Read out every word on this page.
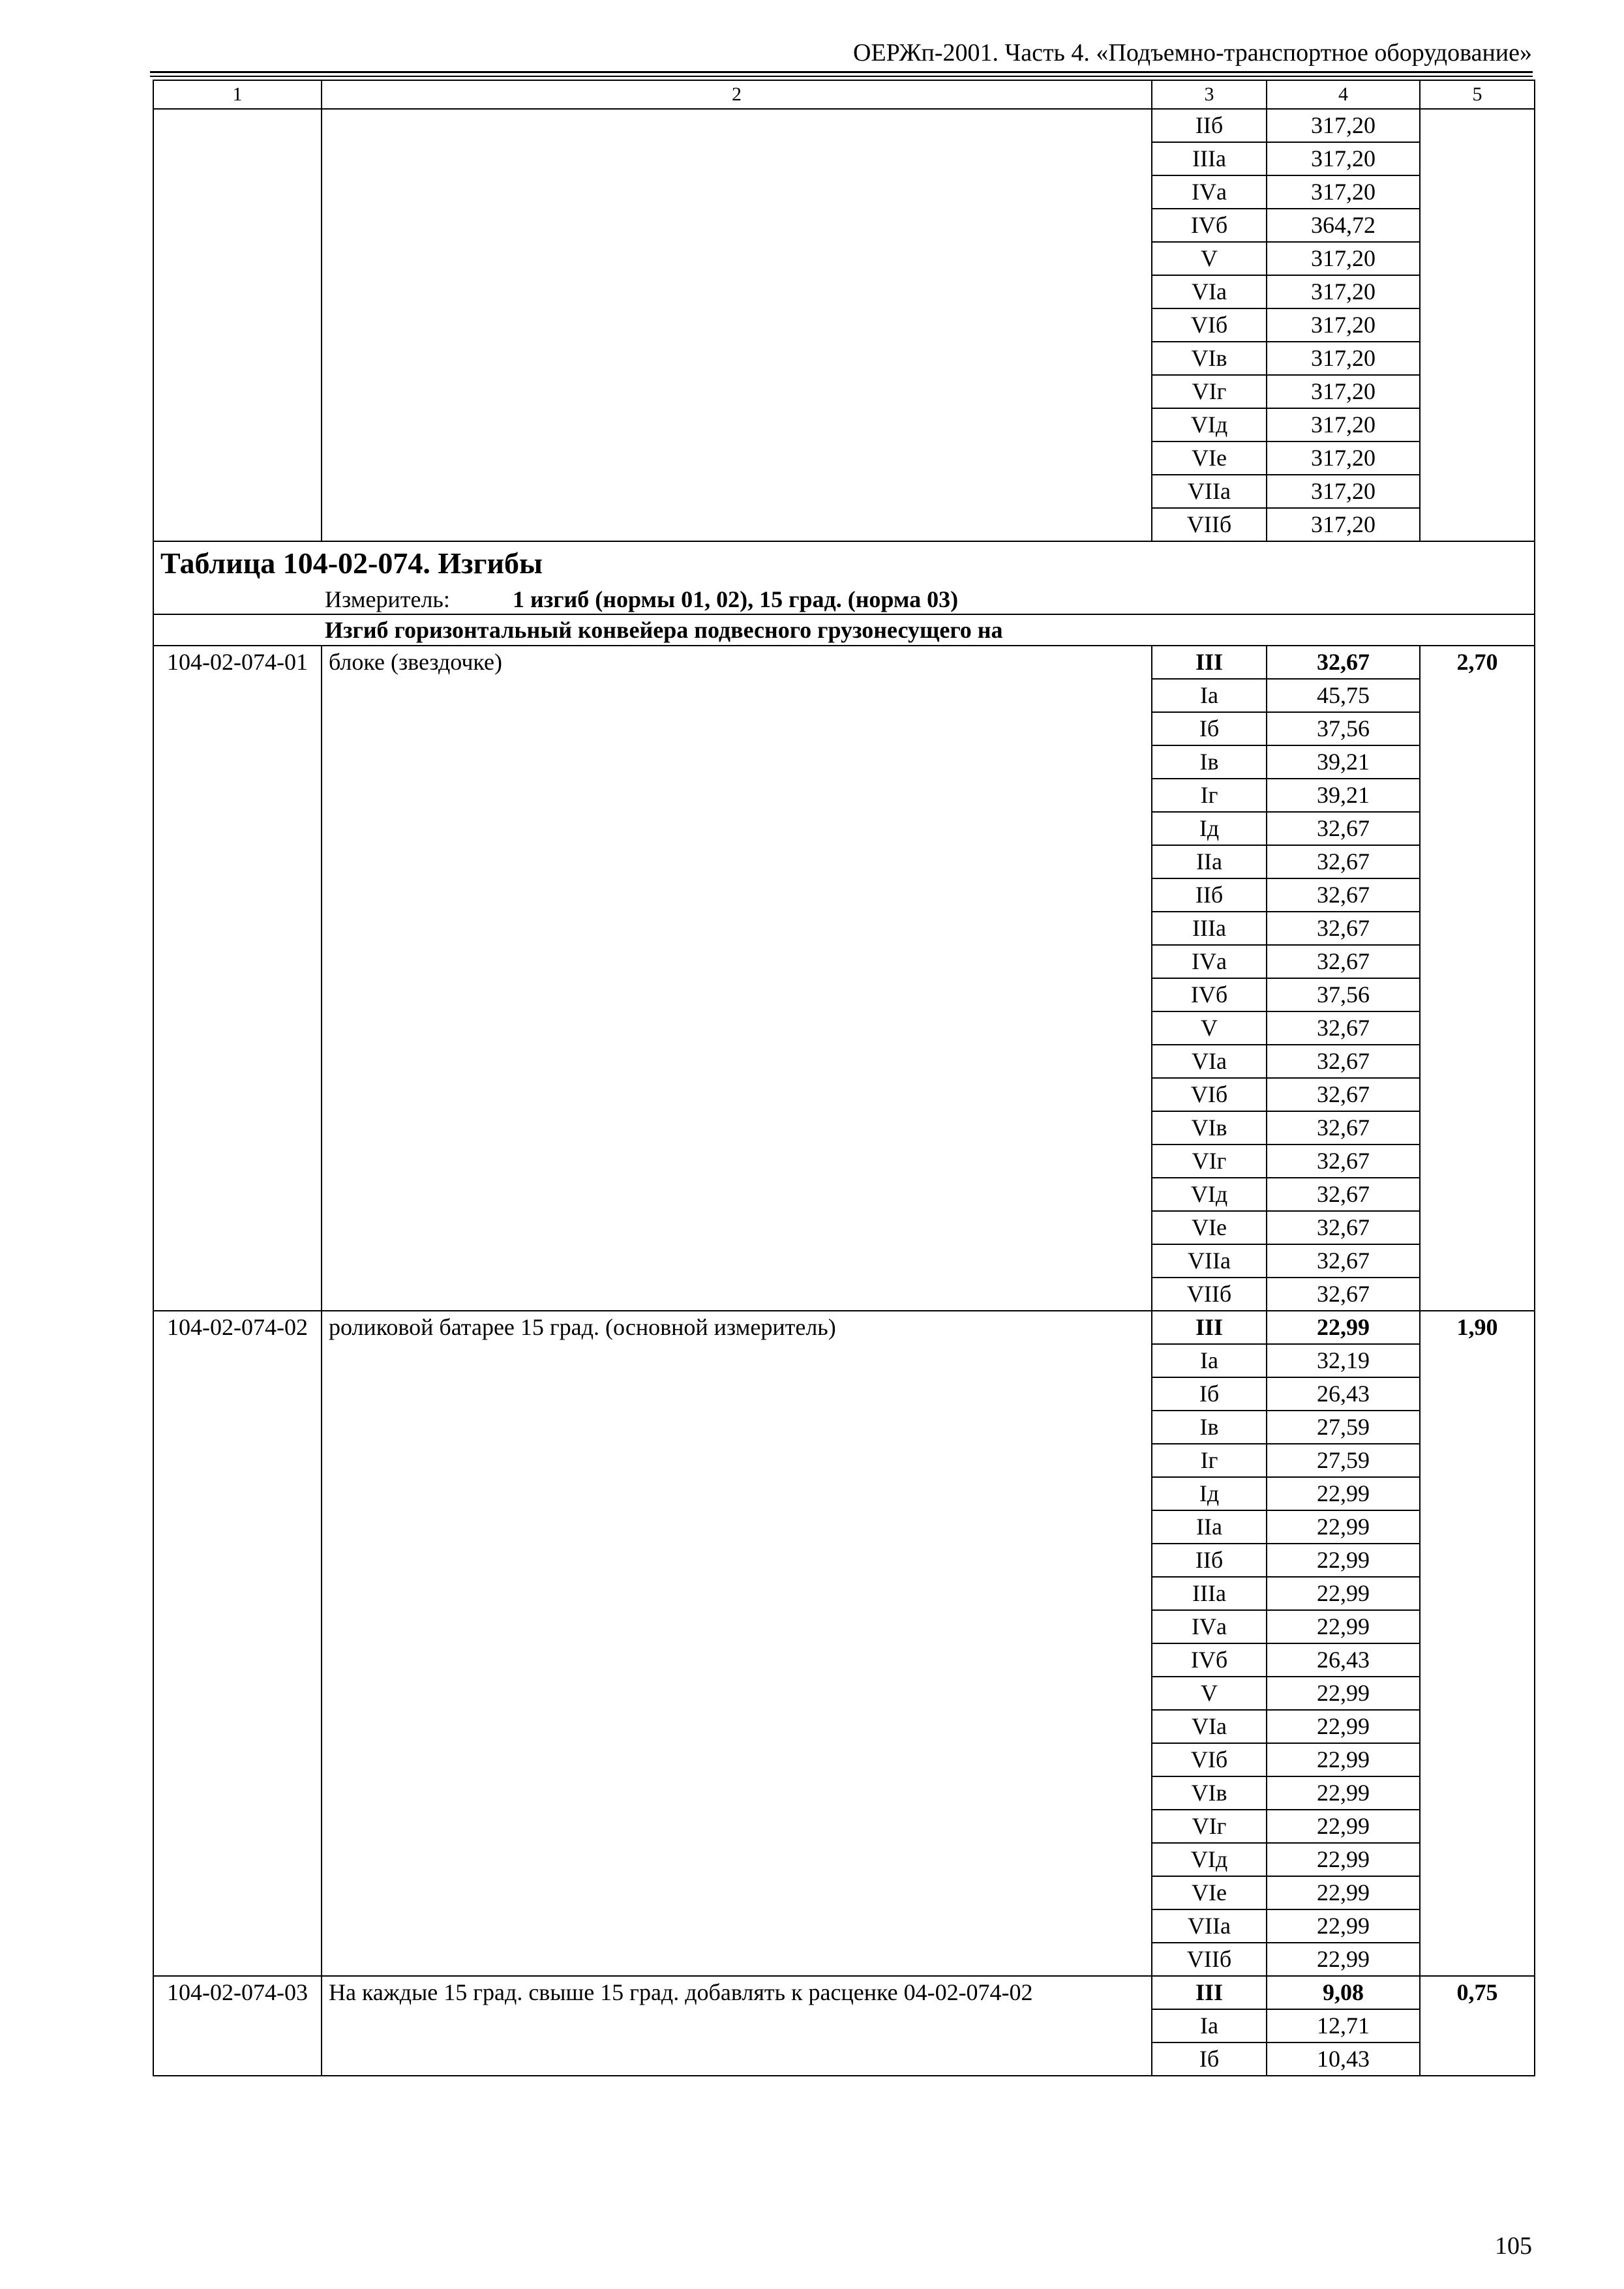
ОЕРЖп-2001. Часть 4. «Подъемно-транспортное оборудование»
1	2	3	4	5
		IIб	317,20	
		IIIа	317,20	
		IVа	317,20	
		IVб	364,72	
		V	317,20	
		VIа	317,20	
		VIб	317,20	
		VIв	317,20	
		VIг	317,20	
		VIд	317,20	
		VIе	317,20	
		VIIа	317,20	
		VIIб	317,20	

Таблица 104-02-074. Изгибы				

Измеритель: 1 изгиб (нормы 01, 02), 15 град. (норма 03)				

Изгиб горизонтальный конвейера подвесного грузонесущего на				

104-02-074-01	блоке (звездочке)	III	32,67	2,70
		Iа	45,75	
		Iб	37,56	
		Iв	39,21	
		Iг	39,21	
		Iд	32,67	
		IIа	32,67	
		IIб	32,67	
		IIIа	32,67	
		IVа	32,67	
		IVб	37,56	
		V	32,67	
		VIа	32,67	
		VIб	32,67	
		VIв	32,67	
		VIг	32,67	
		VIд	32,67	
		VIе	32,67	
		VIIа	32,67	
		VIIб	32,67	
104-02-074-02	роликовой батарее 15 град. (основной измеритель)	III	22,99	1,90
		Iа	32,19	
		Iб	26,43	
		Iв	27,59	
		Iг	27,59	
		Iд	22,99	
		IIа	22,99	
		IIб	22,99	
		IIIа	22,99	
		IVа	22,99	
		IVб	26,43	
		V	22,99	
		VIа	22,99	
		VIб	22,99	
		VIв	22,99	
		VIг	22,99	
		VIд	22,99	
		VIе	22,99	
		VIIа	22,99	
		VIIб	22,99	
104-02-074-03	На каждые 15 град. свыше 15 град. добавлять к расценке 04-02-074-02	III	9,08	0,75
		Iа	12,71	
		Iб	10,43	
105
